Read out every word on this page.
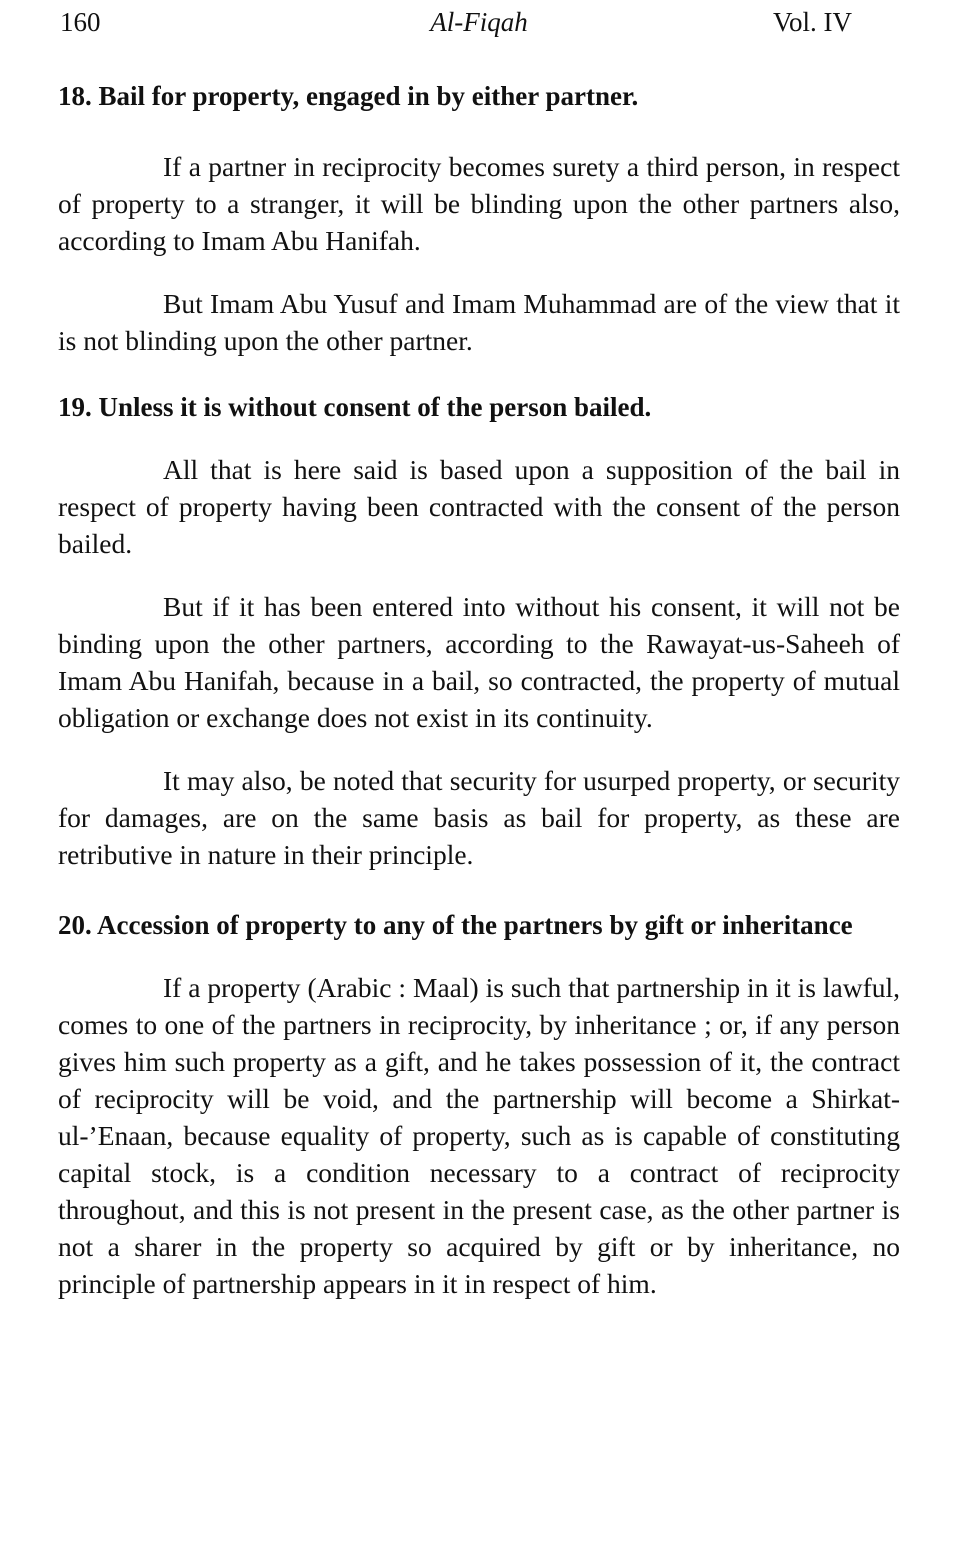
160	Al-Fiqah	Vol. IV
18. Bail for property, engaged in by either partner.

If a partner in reciprocity becomes surety a third person, in respect of property to a stranger, it will be blinding upon the other partners also, according to Imam Abu Hanifah.

But Imam Abu Yusuf and Imam Muhammad are of the view that it is not blinding upon the other partner.

19. Unless it is without consent of the person bailed.

All that is here said is based upon a supposition of the bail in respect of property having been contracted with the consent of the person bailed.

But if it has been entered into without his consent, it will not be binding upon the other partners, according to the Rawayat-us-Saheeh of Imam Abu Hanifah, because in a bail, so contracted, the property of mutual obligation or exchange does not exist in its continuity.

It may also, be noted that security for usurped property, or security for damages, are on the same basis as bail for property, as these are retributive in nature in their principle.

20. Accession of property to any of the partners by gift or inheritance

If a property (Arabic : Maal) is such that partnership in it is lawful, comes to one of the partners in reciprocity, by inheritance ; or, if any person gives him such property as a gift, and he takes possession of it, the contract of reciprocity will be void, and the partnership will become a Shirkat-ul-’Enaan, because equality of property, such as is capable of constituting capital stock, is a condition necessary to a contract of reciprocity throughout, and this is not present in the present case, as the other partner is not a sharer in the property so acquired by gift or by inheritance, no principle of partnership appears in it in respect of him.
